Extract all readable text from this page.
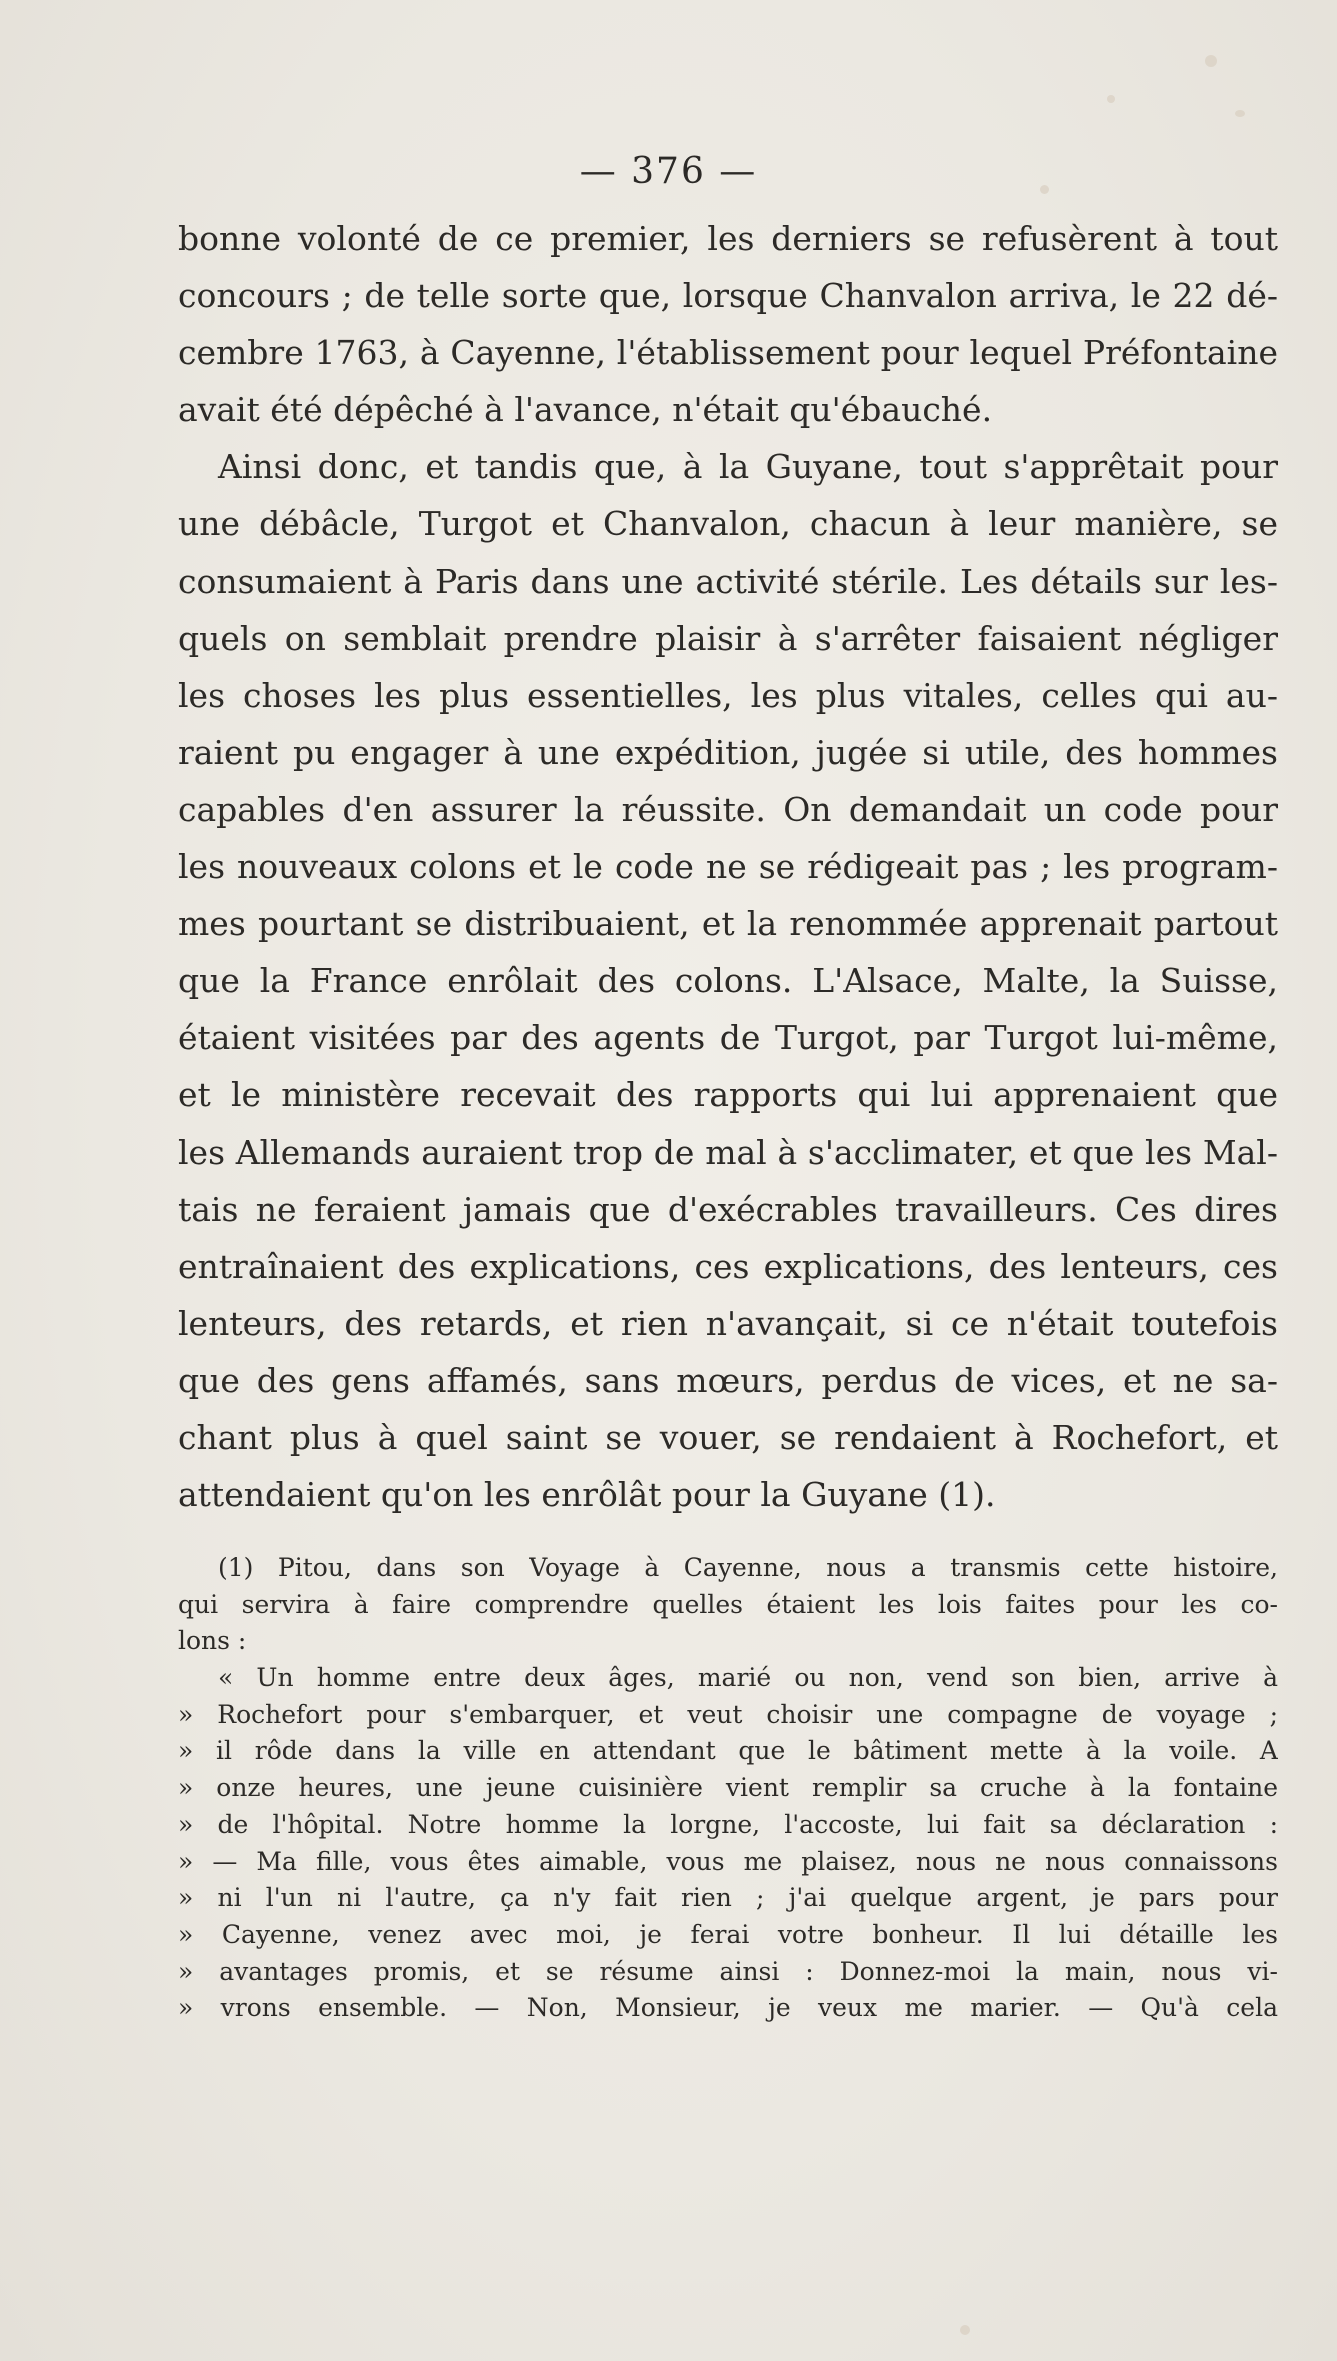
— 376 —
bonne volonté de ce premier, les derniers se refusèrent à tout
concours ; de telle sorte que, lorsque Chanvalon arriva, le 22 dé-
cembre 1763, à Cayenne, l'établissement pour lequel Préfontaine
avait été dépêché à l'avance, n'était qu'ébauché.
Ainsi donc, et tandis que, à la Guyane, tout s'apprêtait pour
une débâcle, Turgot et Chanvalon, chacun à leur manière, se
consumaient à Paris dans une activité stérile. Les détails sur les-
quels on semblait prendre plaisir à s'arrêter faisaient négliger
les choses les plus essentielles, les plus vitales, celles qui au-
raient pu engager à une expédition, jugée si utile, des hommes
capables d'en assurer la réussite. On demandait un code pour
les nouveaux colons et le code ne se rédigeait pas ; les program-
mes pourtant se distribuaient, et la renommée apprenait partout
que la France enrôlait des colons. L'Alsace, Malte, la Suisse,
étaient visitées par des agents de Turgot, par Turgot lui-même,
et le ministère recevait des rapports qui lui apprenaient que
les Allemands auraient trop de mal à s'acclimater, et que les Mal-
tais ne feraient jamais que d'exécrables travailleurs. Ces dires
entraînaient des explications, ces explications, des lenteurs, ces
lenteurs, des retards, et rien n'avançait, si ce n'était toutefois
que des gens affamés, sans mœurs, perdus de vices, et ne sa-
chant plus à quel saint se vouer, se rendaient à Rochefort, et
attendaient qu'on les enrôlât pour la Guyane (1).
(1) Pitou, dans son Voyage à Cayenne, nous a transmis cette histoire,
qui servira à faire comprendre quelles étaient les lois faites pour les co-
lons :
« Un homme entre deux âges, marié ou non, vend son bien, arrive à
» Rochefort pour s'embarquer, et veut choisir une compagne de voyage ;
» il rôde dans la ville en attendant que le bâtiment mette à la voile. A
» onze heures, une jeune cuisinière vient remplir sa cruche à la fontaine
» de l'hôpital. Notre homme la lorgne, l'accoste, lui fait sa déclaration :
» — Ma fille, vous êtes aimable, vous me plaisez, nous ne nous connaissons
» ni l'un ni l'autre, ça n'y fait rien ; j'ai quelque argent, je pars pour
» Cayenne, venez avec moi, je ferai votre bonheur. Il lui détaille les
» avantages promis, et se résume ainsi : Donnez-moi la main, nous vi-
» vrons ensemble. — Non, Monsieur, je veux me marier. — Qu'à cela
